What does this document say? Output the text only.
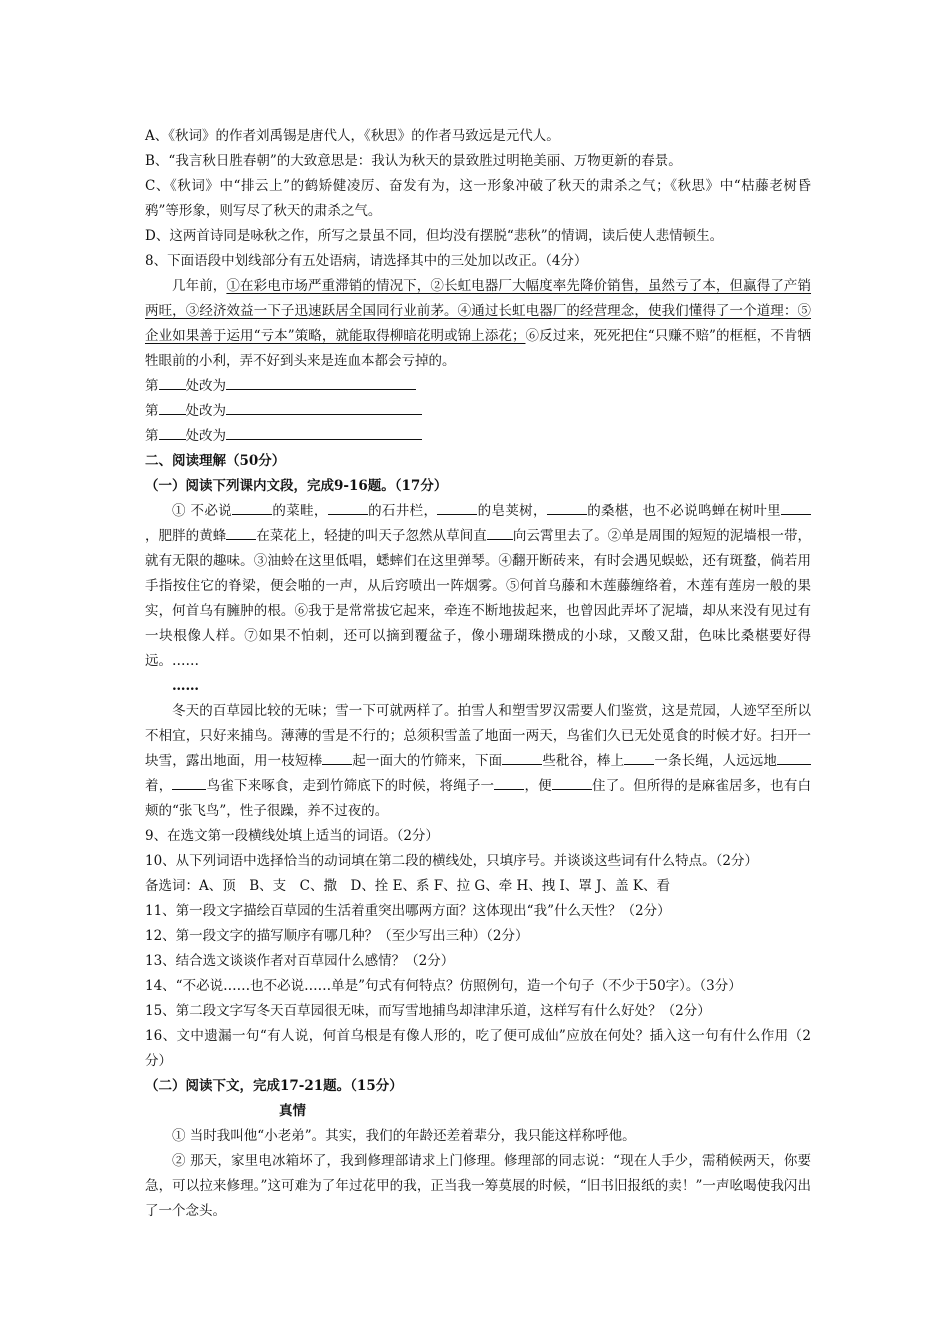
A、《秋词》的作者刘禹锡是唐代人，《秋思》的作者马致远是元代人。
B、“我言秋日胜春朝”的大致意思是：我认为秋天的景致胜过明艳美丽、万物更新的春景。
C、《秋词》中“排云上”的鹤矫健凌厉、奋发有为，这一形象冲破了秋天的肃杀之气；《秋思》中“枯藤老树昏鸦”等形象，则写尽了秋天的肃杀之气。
D、这两首诗同是咏秋之作，所写之景虽不同，但均没有摆脱“悲秋”的情调，读后使人悲情顿生。
8、下面语段中划线部分有五处语病，请选择其中的三处加以改正。（4分）
几年前，①在彩电市场严重滞销的情况下，②长虹电器厂大幅度率先降价销售，虽然亏了本，但赢得了产销两旺，③经济效益一下子迅速跃居全国同行业前茅。④通过长虹电器厂的经营理念，使我们懂得了一个道理：⑤企业如果善于运用“亏本”策略，就能取得柳暗花明或锦上添花；⑥反过来，死死把住“只赚不赔”的框框，不肯牺牲眼前的小利，弄不好到头来是连血本都会亏掉的。
第 处改为
第 处改为
第 处改为
二、阅读理解（50分）
（一）阅读下列课内文段，完成9-16题。（17分）
① 不必说	的菜畦，	的石井栏，	的皂荚树，	的桑椹，也不必说鸣蝉在树叶里，肥胖的黄蜂 在菜花上，轻捷的叫天子忽然从草间直 向云霄里去了。②单是周围的短短的泥墙根一带，就有无限的趣味。③油蛉在这里低唱，蟋蟀们在这里弹琴。④翻开断砖来，有时会遇见蜈蚣，还有斑蝥，倘若用手指按住它的脊梁，便会啪的一声，从后窍喷出一阵烟雾。⑤何首乌藤和木莲藤缠络着，木莲有莲房一般的果实，何首乌有臃肿的根。⑥我于是常常拔它起来，牵连不断地拔起来，也曾因此弄坏了泥墙，却从来没有见过有一块根像人样。⑦如果不怕刺，还可以摘到覆盆子，像小珊瑚珠攒成的小球，又酸又甜，色味比桑椹要好得远。……
……
冬天的百草园比较的无味；雪一下可就两样了。拍雪人和塑雪罗汉需要人们鉴赏，这是荒园，人迹罕至所以不相宜，只好来捕鸟。薄薄的雪是不行的；总须积雪盖了地面一两天，鸟雀们久已无处觅食的时候才好。扫开一块雪，露出地面，用一枝短棒 起一面大的竹筛来，下面	些秕谷，棒上 一条长绳，人远远地着，	鸟雀下来啄食，走到竹筛底下的时候，将绳子一 ，便	住了。但所得的是麻雀居多，也有白颊的“张飞鸟”，性子很躁，养不过夜的。
9、在选文第一段横线处填上适当的词语。（2分）
10、从下列词语中选择恰当的动词填在第二段的横线处，只填序号。并谈谈这些词有什么特点。（2分）
备选词：A、顶　B、支　C、撒　D、拴 E、系 F、拉 G、牵 H、拽 I、罩 J、盖 K、看
11、第一段文字描绘百草园的生活着重突出哪两方面？这体现出“我”什么天性？（2分）
12、第一段文字的描写顺序有哪几种？（至少写出三种）（2分）
13、结合选文谈谈作者对百草园什么感情？（2分）
14、“不必说……也不必说……单是”句式有何特点？仿照例句，造一个句子（不少于50字）。（3分）
15、第二段文字写冬天百草园很无味，而写雪地捕鸟却津津乐道，这样写有什么好处？（2分）
16、文中遗漏一句“有人说，何首乌根是有像人形的，吃了便可成仙”应放在何处？插入这一句有什么作用（2分）
（二）阅读下文，完成17-21题。（15分）
真情
① 当时我叫他“小老弟”。其实，我们的年龄还差着辈分，我只能这样称呼他。
② 那天，家里电冰箱坏了，我到修理部请求上门修理。修理部的同志说：“现在人手少，需稍候两天，你要急，可以拉来修理。”这可难为了年过花甲的我，正当我一筹莫展的时候，“旧书旧报纸的卖！”一声吆喝使我闪出了一个念头。
